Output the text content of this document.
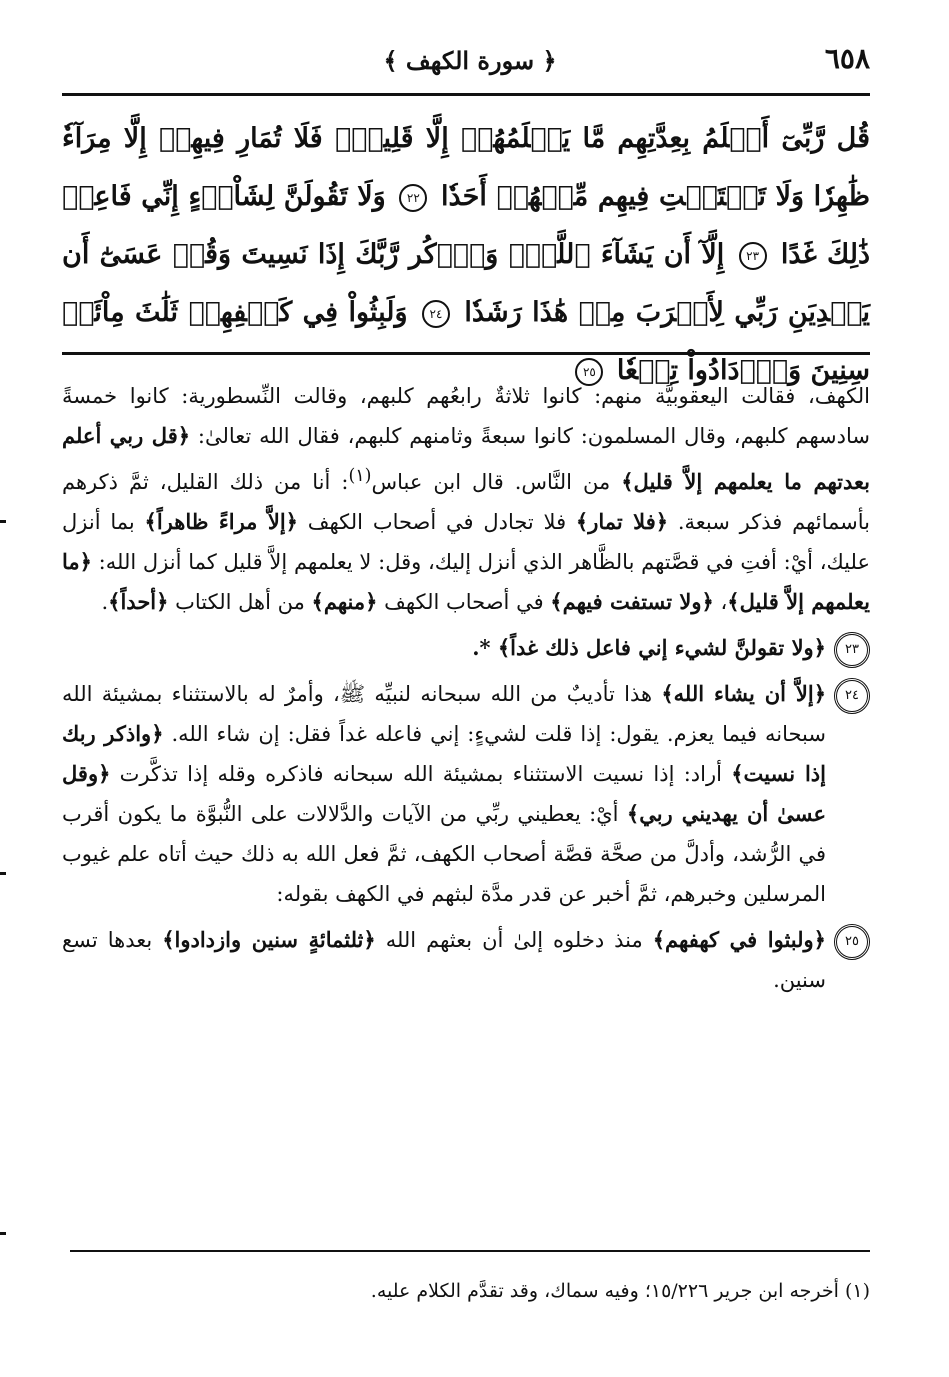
٦٥٨
﴿ سورة الكهف ﴾
قُل رَّبِّىٓ أَعۡلَمُ بِعِدَّتِهِم مَّا يَعۡلَمُهُمۡ إِلَّا قَلِيلٞۗ فَلَا تُمَارِ فِيهِمۡ إِلَّا مِرَآءٗ ظَٰهِرٗا وَلَا تَسۡتَفۡتِ فِيهِم مِّنۡهُمۡ أَحَدٗا ٢٢ وَلَا تَقُولَنَّ لِشَاْيۡءٍ إِنِّي فَاعِلٞ ذَٰلِكَ غَدًا ٢٣ إِلَّآ أَن يَشَآءَ ٱللَّهُۚ وَٱذۡكُر رَّبَّكَ إِذَا نَسِيتَ وَقُلۡ عَسَىٰٓ أَن يَهۡدِيَنِ رَبِّي لِأَقۡرَبَ مِنۡ هَٰذَا رَشَدٗا ٢٤ وَلَبِثُواْ فِي كَهۡفِهِمۡ ثَلَٰثَ مِاْئَةٖ سِنِينَ وَٱزۡدَادُواْ تِسۡعٗا ٢٥

الكهف، فقالت اليعقوبيَّة منهم: كانوا ثلاثةٌ رابعُهم كلبهم، وقالت النِّسطورية: كانوا خمسةً سادسهم كلبهم، وقال المسلمون: كانوا سبعةً وثامنهم كلبهم، فقال الله تعالىٰ: ﴿قل ربي أعلم بعدتهم ما يعلمهم إلاَّ قليل﴾ من النَّاس. قال ابن عباس$^{(١)}$: أنا من ذلك القليل، ثمَّ ذكرهم بأسمائهم فذكر سبعة. ﴿فلا تمار﴾ فلا تجادل في أصحاب الكهف ﴿إلاَّ مراءً ظاهراً﴾ بما أنزل عليك، أيْ: أفتِ في قصَّتهم بالظَّاهر الذي أنزل إليك، وقل: لا يعلمهم إلاَّ قليل كما أنزل الله: ﴿ما يعلمهم إلاَّ قليل﴾، ﴿ولا تستفت فيهم﴾ في أصحاب الكهف ﴿منهم﴾ من أهل الكتاب ﴿أحداً﴾.

٢٣
﴿ولا تقولنَّ لشيء إني فاعل ذلك غداً﴾ *.
٢٤
﴿إلاَّ أن يشاء الله﴾ هذا تأديبٌ من الله سبحانه لنبيِّه ﷺ، وأمرٌ له بالاستثناء بمشيئة الله سبحانه فيما يعزم. يقول: إذا قلت لشيءٍ: إني فاعله غداً فقل: إن شاء الله. ﴿واذكر ربك إذا نسيت﴾ أراد: إذا نسيت الاستثناء بمشيئة الله سبحانه فاذكره وقله إذا تذكَّرت ﴿وقل عسىٰ أن يهديني ربي﴾ أيْ: يعطيني ربِّي من الآيات والدَّلالات على النُّبوَّة ما يكون أقرب في الرُّشد، وأدلَّ من صحَّة قصَّة أصحاب الكهف، ثمَّ فعل الله به ذلك حيث أتاه علم غيوب المرسلين وخبرهم، ثمَّ أخبر عن قدر مدَّة لبثهم في الكهف بقوله:
٢٥
﴿ولبثوا في كهفهم﴾ منذ دخلوه إلىٰ أن بعثهم الله ﴿ثلثمائةٍ سنين وازدادوا﴾ بعدها تسع سنين.
(١) أخرجه ابن جرير ١٥/٢٢٦؛ وفيه سماك، وقد تقدَّم الكلام عليه.
